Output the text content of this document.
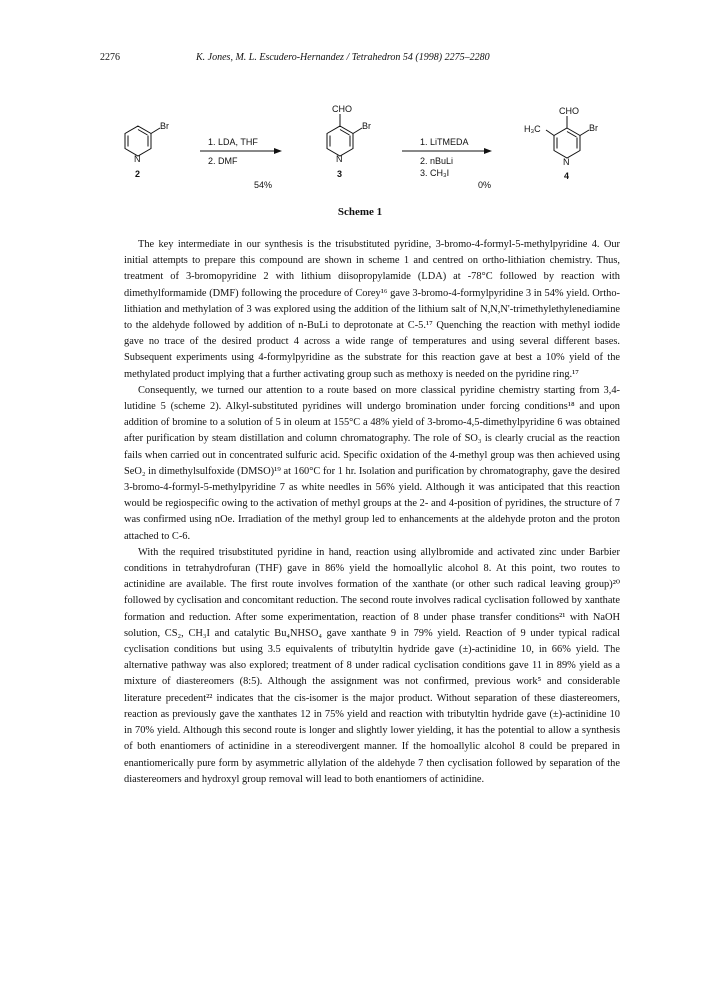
2276	K. Jones, M. L. Escudero-Hernandez / Tetrahedron 54 (1998) 2275–2280
Br
N
2
1. LDA, THF
2. DMF
54%
CHO
Br
N
3
1. LiTMEDA
2. nBuLi
3. CH₃I
0%
CHO
Br
H₃C
N
4
Scheme 1

The key intermediate in our synthesis is the trisubstituted pyridine, 3-bromo-4-formyl-5-methylpyridine 4. Our initial attempts to prepare this compound are shown in scheme 1 and centred on ortho-lithiation chemistry. Thus, treatment of 3-bromopyridine 2 with lithium diisopropylamide (LDA) at -78°C followed by reaction with dimethylformamide (DMF) following the procedure of Corey¹⁶ gave 3-bromo-4-formylpyridine 3 in 54% yield. Ortho-lithiation and methylation of 3 was explored using the addition of the lithium salt of N,N,N'-trimethylethylenediamine to the aldehyde followed by addition of n-BuLi to deprotonate at C-5.¹⁷ Quenching the reaction with methyl iodide gave no trace of the desired product 4 across a wide range of temperatures and using several different bases. Subsequent experiments using 4-formylpyridine as the substrate for this reaction gave at best a 10% yield of the methylated product implying that a further activating group such as methoxy is needed on the pyridine ring.¹⁷

Consequently, we turned our attention to a route based on more classical pyridine chemistry starting from 3,4-lutidine 5 (scheme 2). Alkyl-substituted pyridines will undergo bromination under forcing conditions¹⁸ and upon addition of bromine to a solution of 5 in oleum at 155°C a 48% yield of 3-bromo-4,5-dimethylpyridine 6 was obtained after purification by steam distillation and column chromatography. The role of SO₃ is clearly crucial as the reaction fails when carried out in concentrated sulfuric acid. Specific oxidation of the 4-methyl group was then achieved using SeO₂ in dimethylsulfoxide (DMSO)¹⁹ at 160°C for 1 hr. Isolation and purification by chromatography, gave the desired 3-bromo-4-formyl-5-methylpyridine 7 as white needles in 56% yield. Although it was anticipated that this reaction would be regiospecific owing to the activation of methyl groups at the 2- and 4-position of pyridines, the structure of 7 was confirmed using nOe. Irradiation of the methyl group led to enhancements at the aldehyde proton and the proton attached to C-6.

With the required trisubstituted pyridine in hand, reaction using allylbromide and activated zinc under Barbier conditions in tetrahydrofuran (THF) gave in 86% yield the homoallylic alcohol 8. At this point, two routes to actinidine are available. The first route involves formation of the xanthate (or other such radical leaving group)²⁰ followed by cyclisation and concomitant reduction. The second route involves radical cyclisation followed by xanthate formation and reduction. After some experimentation, reaction of 8 under phase transfer conditions²¹ with NaOH solution, CS₂, CH₃I and catalytic Bu₄NHSO₄ gave xanthate 9 in 79% yield. Reaction of 9 under typical radical cyclisation conditions but using 3.5 equivalents of tributyltin hydride gave (±)-actinidine 10, in 66% yield. The alternative pathway was also explored; treatment of 8 under radical cyclisation conditions gave 11 in 89% yield as a mixture of diastereomers (8:5). Although the assignment was not confirmed, previous work⁵ and considerable literature precedent²² indicates that the cis-isomer is the major product. Without separation of these diastereomers, reaction as previously gave the xanthates 12 in 75% yield and reaction with tributyltin hydride gave (±)-actinidine 10 in 70% yield. Although this second route is longer and slightly lower yielding, it has the potential to allow a synthesis of both enantiomers of actinidine in a stereodivergent manner. If the homoallylic alcohol 8 could be prepared in enantiomerically pure form by asymmetric allylation of the aldehyde 7 then cyclisation followed by separation of the diastereomers and hydroxyl group removal will lead to both enantiomers of actinidine.
